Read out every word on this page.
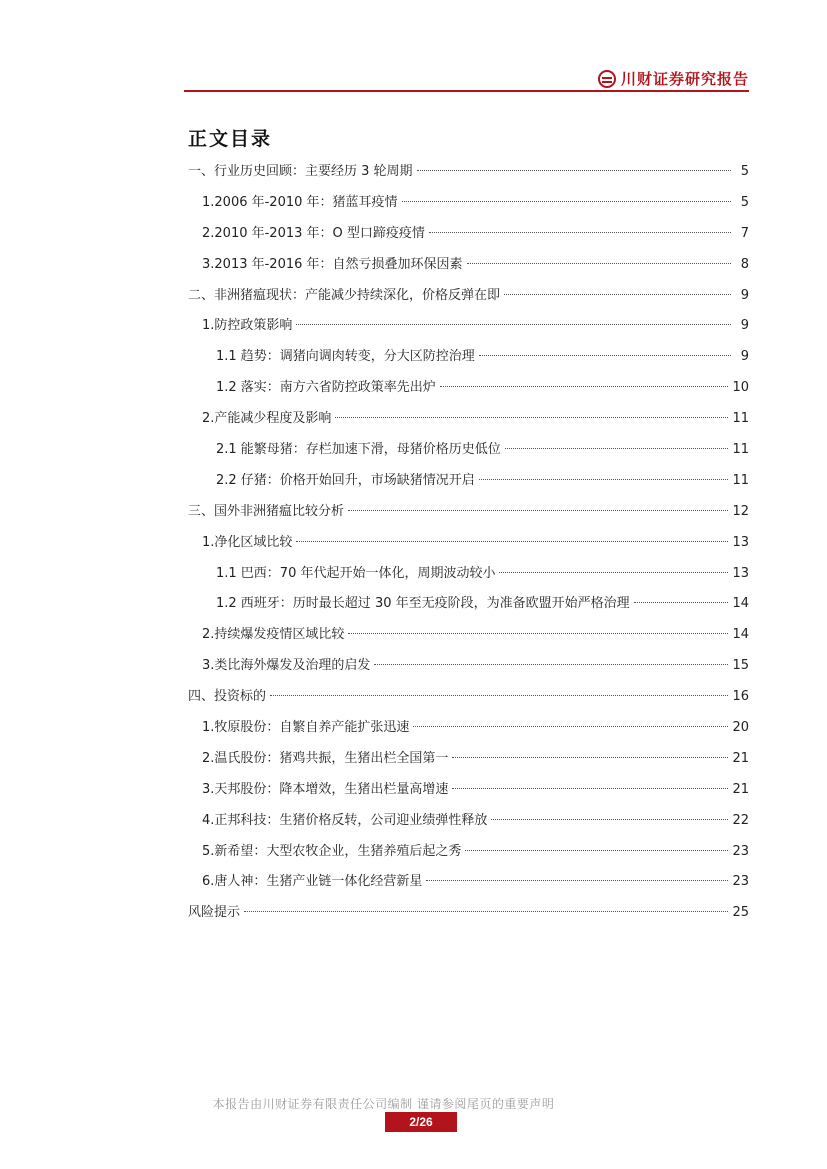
川财证券研究报告
正文目录
一、行业历史回顾：主要经历 3 轮周期	5
1.2006 年-2010 年：猪蓝耳疫情	5
2.2010 年-2013 年：O 型口蹄疫疫情	7
3.2013 年-2016 年：自然亏损叠加环保因素	8
二、非洲猪瘟现状：产能减少持续深化，价格反弹在即	9
1.防控政策影响	9
1.1 趋势：调猪向调肉转变，分大区防控治理	9
1.2 落实：南方六省防控政策率先出炉	10
2.产能减少程度及影响	11
2.1 能繁母猪：存栏加速下滑，母猪价格历史低位	11
2.2 仔猪：价格开始回升，市场缺猪情况开启	11
三、国外非洲猪瘟比较分析	12
1.净化区域比较	13
1.1 巴西：70 年代起开始一体化，周期波动较小	13
1.2 西班牙：历时最长超过 30 年至无疫阶段，为准备欧盟开始严格治理	14
2.持续爆发疫情区域比较	14
3.类比海外爆发及治理的启发	15
四、投资标的	16
1.牧原股份：自繁自养产能扩张迅速	20
2.温氏股份：猪鸡共振，生猪出栏全国第一	21
3.天邦股份：降本增效，生猪出栏量高增速	21
4.正邦科技：生猪价格反转，公司迎业绩弹性释放	22
5.新希望：大型农牧企业，生猪养殖后起之秀	23
6.唐人神：生猪产业链一体化经营新星	23
风险提示	25
本报告由川财证券有限责任公司编制 谨请参阅尾页的重要声明
2/26
